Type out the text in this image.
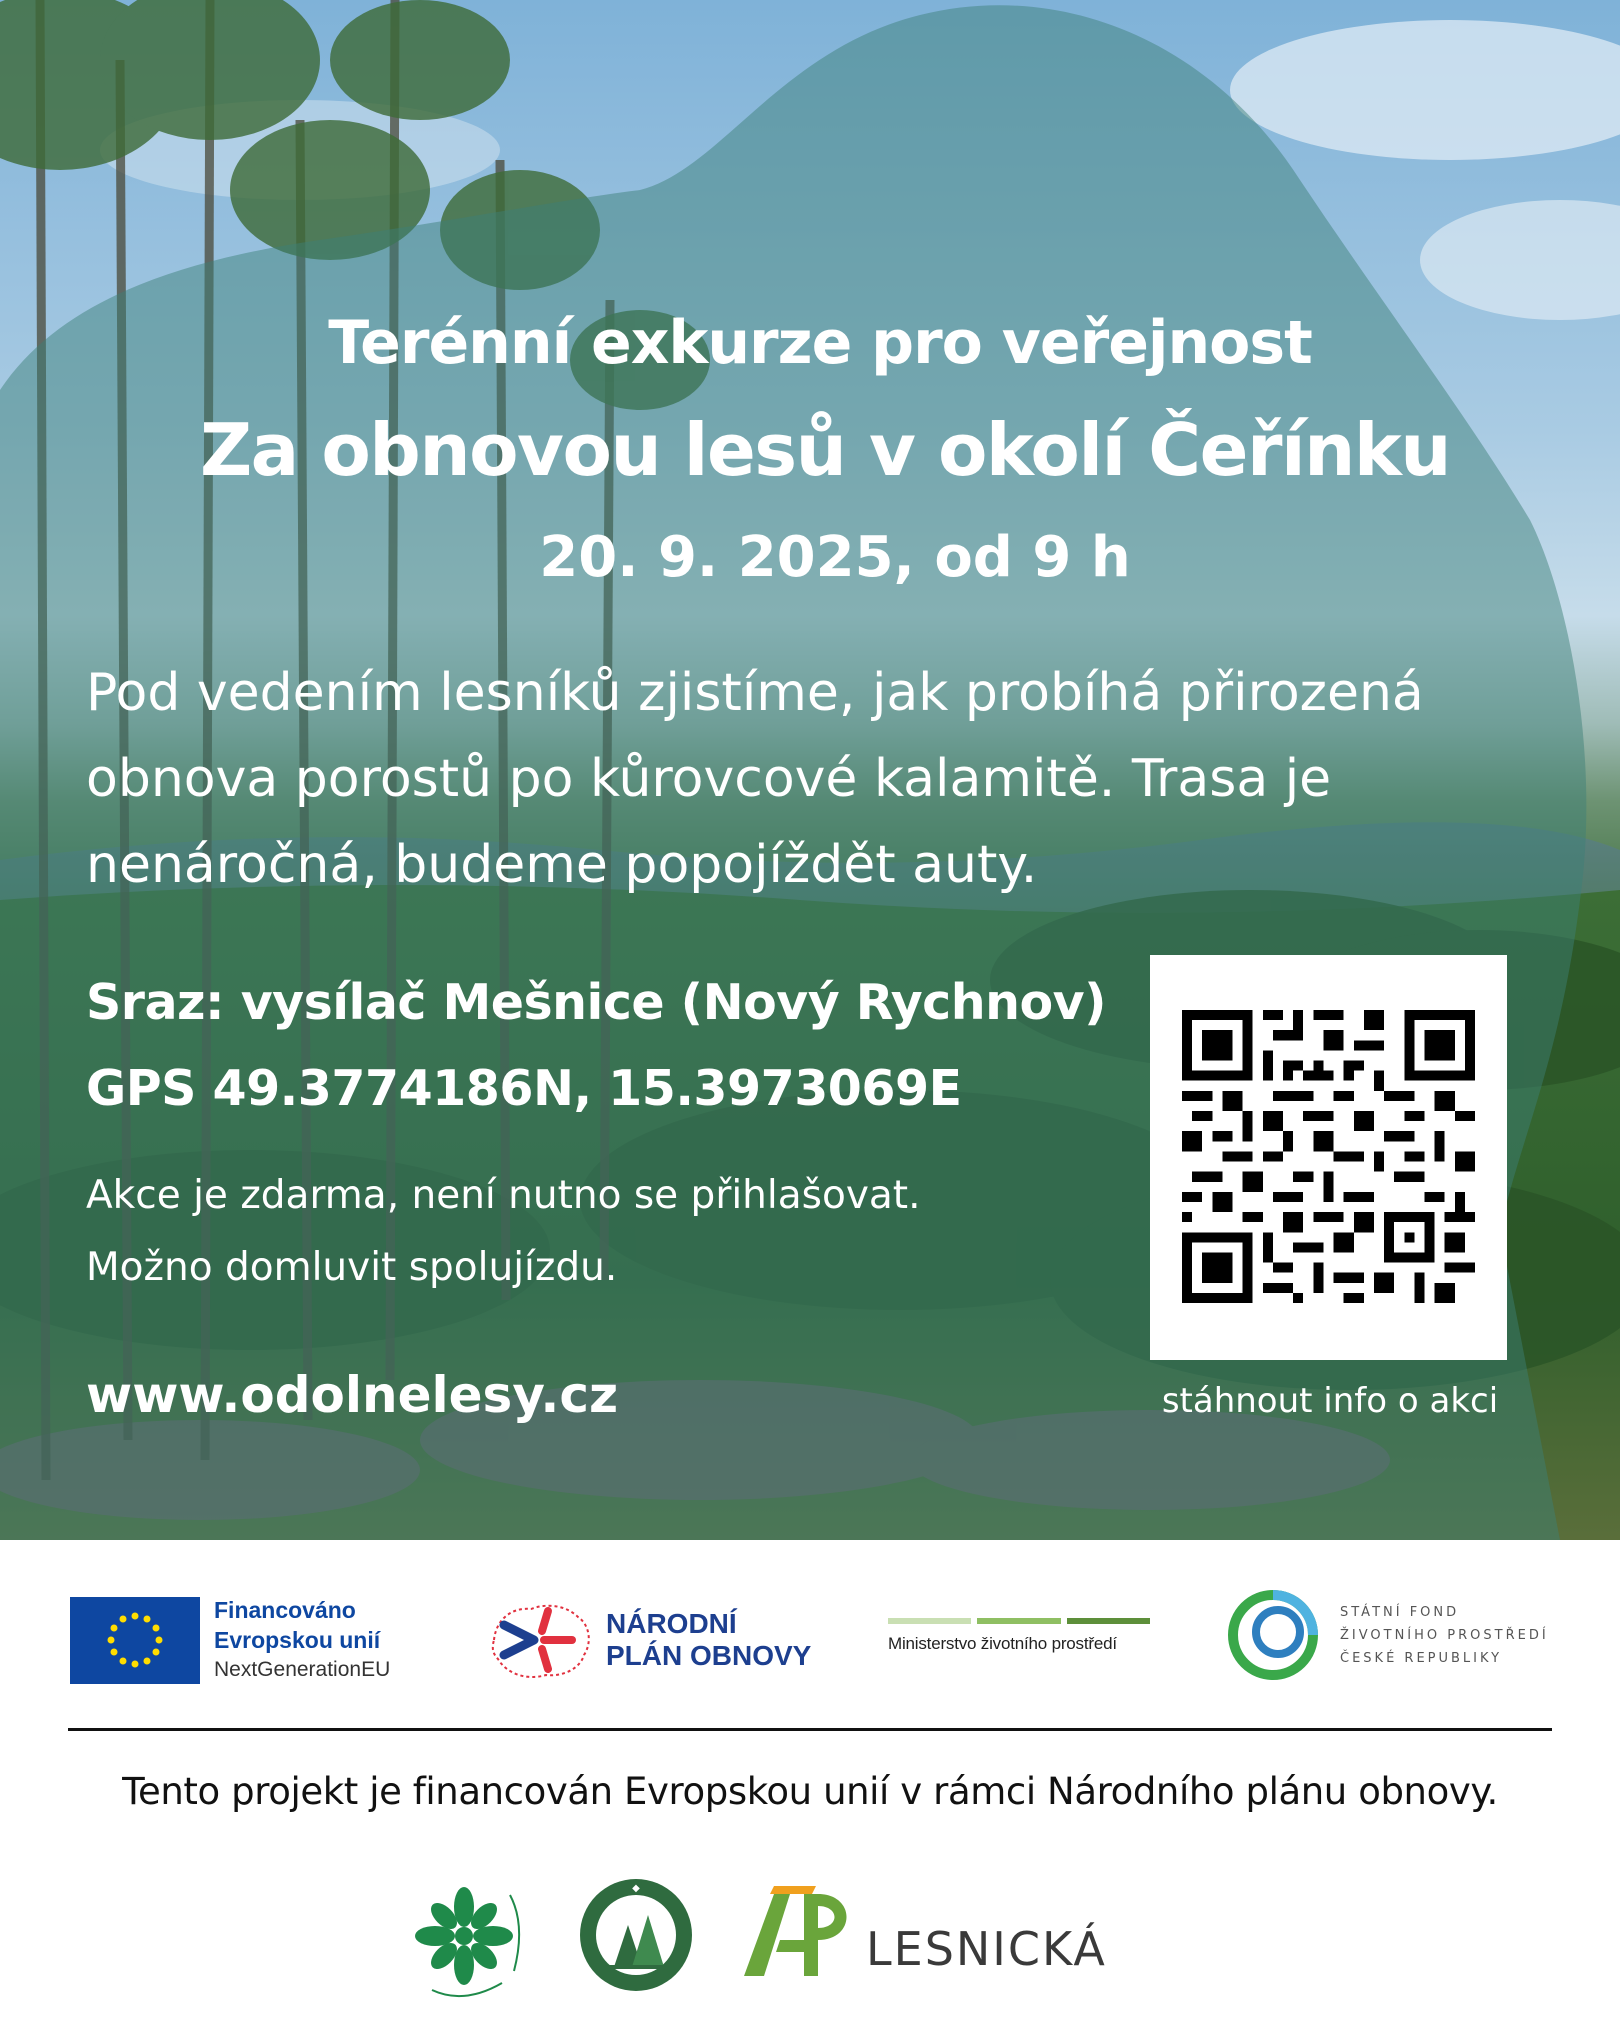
Terénní exkurze pro veřejnost

Za obnovou lesů v okolí Čeřínku

20. 9. 2025, od 9 h

Pod vedením lesníků zjistíme, jak probíhá přirozená obnova porostů po kůrovcové kalamitě. Trasa je nenáročná, budeme popojíždět auty.

Sraz: vysílač Mešnice (Nový Rychnov)
GPS 49.3774186N, 15.3973069E
Akce je zdarma, není nutno se přihlašovat.
Možno domluvit spolujízdu.
www.odolnelesy.cz	stáhnout info o akci

Financováno
Evropskou unií
NextGenerationEU
NÁRODNÍ
PLÁN OBNOVY	Ministerstvo životního prostředí
STÁTNÍ FOND
ŽIVOTNÍHO PROSTŘEDÍ
ČESKÉ REPUBLIKY

Tento projekt je financován Evropskou unií v rámci Národního plánu obnovy.

◆
LESNICKÁ
